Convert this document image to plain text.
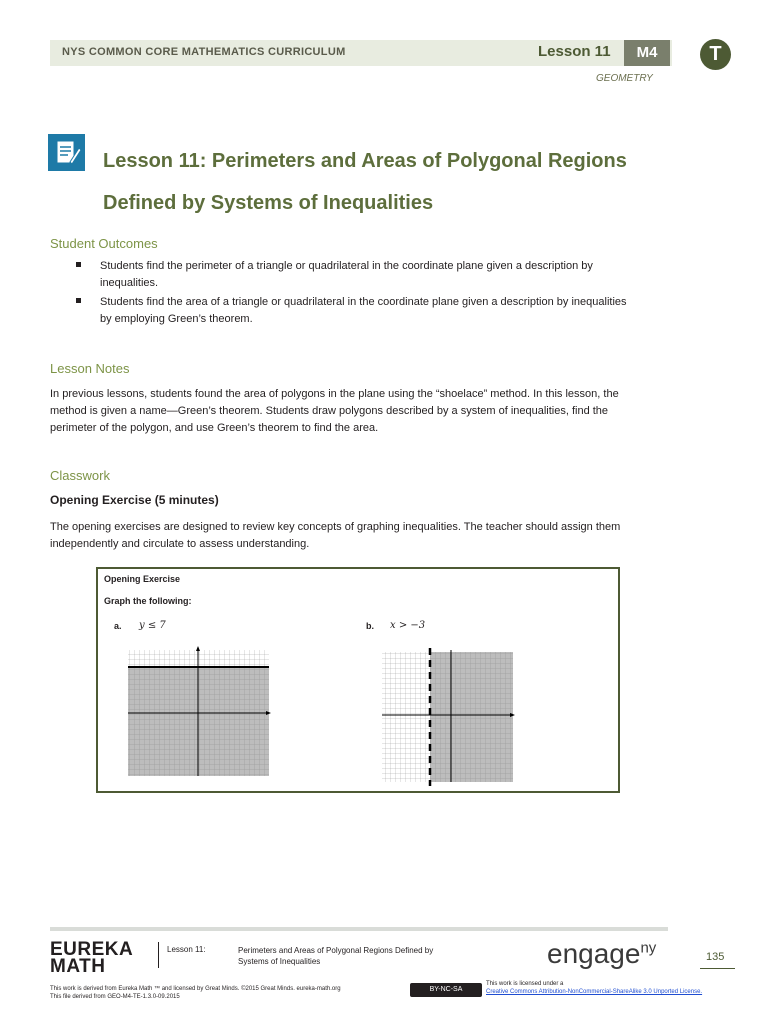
NYS COMMON CORE MATHEMATICS CURRICULUM	Lesson 11	M4
GEOMETRY
T
Lesson 11: Perimeters and Areas of Polygonal Regions
Defined by Systems of Inequalities
Student Outcomes
Students find the perimeter of a triangle or quadrilateral in the coordinate plane given a description by
inequalities.
Students find the area of a triangle or quadrilateral in the coordinate plane given a description by inequalities
by employing Green’s theorem.
Lesson Notes
In previous lessons, students found the area of polygons in the plane using the “shoelace” method. In this lesson, the
method is given a name—Green’s theorem. Students draw polygons described by a system of inequalities, find the
perimeter of the polygon, and use Green’s theorem to find the area.
Classwork
Opening Exercise (5 minutes)
The opening exercises are designed to review key concepts of graphing inequalities. The teacher should assign them
independently and circulate to assess understanding.
Opening Exercise
Graph the following:
a. y ≤ 7	b. x > −3
EUREKA
MATH
Lesson 11:	Perimeters and Areas of Polygonal Regions Defined by
Systems of Inequalities	engage$^{ny}$
135
This work is derived from Eureka Math ™ and licensed by Great Minds. ©2015 Great Minds. eureka-math.org
This file derived from GEO-M4-TE-1.3.0-09.2015
BY-NC-SA
This work is licensed under a
Creative Commons Attribution-NonCommercial-ShareAlike 3.0 Unported License.
